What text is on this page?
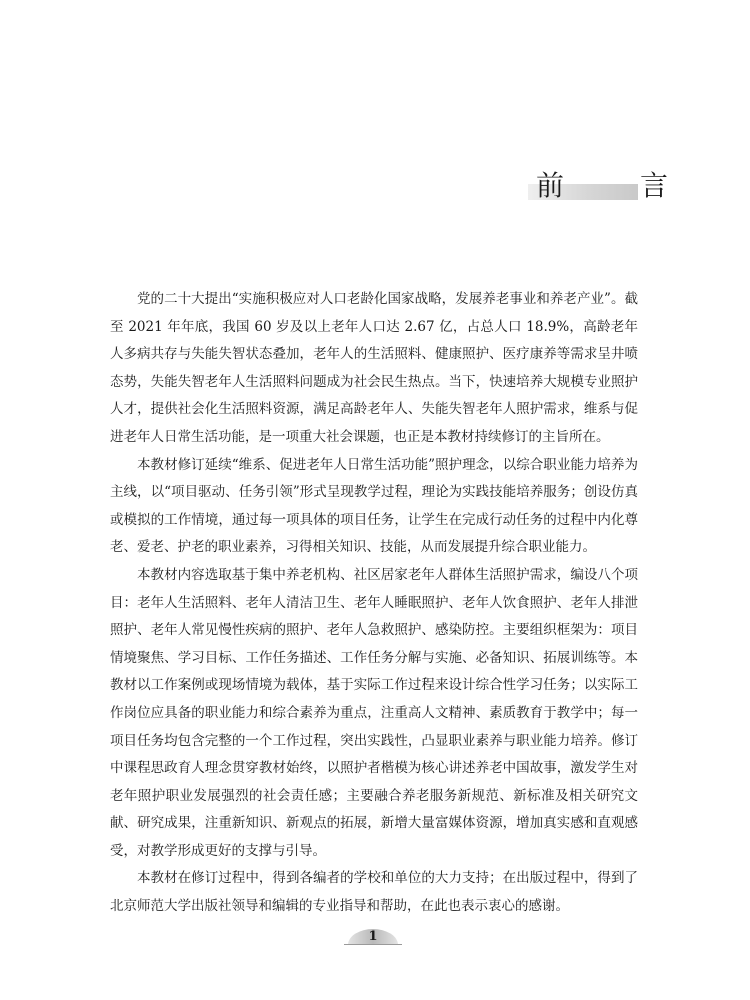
前　言

党的二十大提出“实施积极应对人口老龄化国家战略，发展养老事业和养老产业”。截至 2021 年年底，我国 60 岁及以上老年人口达 2.67 亿，占总人口 18.9%，高龄老年人多病共存与失能失智状态叠加，老年人的生活照料、健康照护、医疗康养等需求呈井喷态势，失能失智老年人生活照料问题成为社会民生热点。当下，快速培养大规模专业照护人才，提供社会化生活照料资源，满足高龄老年人、失能失智老年人照护需求，维系与促进老年人日常生活功能，是一项重大社会课题，也正是本教材持续修订的主旨所在。

本教材修订延续“维系、促进老年人日常生活功能”照护理念，以综合职业能力培养为主线，以“项目驱动、任务引领”形式呈现教学过程，理论为实践技能培养服务；创设仿真或模拟的工作情境，通过每一项具体的项目任务，让学生在完成行动任务的过程中内化尊老、爱老、护老的职业素养，习得相关知识、技能，从而发展提升综合职业能力。

本教材内容选取基于集中养老机构、社区居家老年人群体生活照护需求，编设八个项目：老年人生活照料、老年人清洁卫生、老年人睡眠照护、老年人饮食照护、老年人排泄照护、老年人常见慢性疾病的照护、老年人急救照护、感染防控。主要组织框架为：项目情境聚焦、学习目标、工作任务描述、工作任务分解与实施、必备知识、拓展训练等。本教材以工作案例或现场情境为载体，基于实际工作过程来设计综合性学习任务；以实际工作岗位应具备的职业能力和综合素养为重点，注重高人文精神、素质教育于教学中；每一项目任务均包含完整的一个工作过程，突出实践性，凸显职业素养与职业能力培养。修订中课程思政育人理念贯穿教材始终，以照护者楷模为核心讲述养老中国故事，激发学生对老年照护职业发展强烈的社会责任感；主要融合养老服务新规范、新标准及相关研究文献、研究成果，注重新知识、新观点的拓展，新增大量富媒体资源，增加真实感和直观感受，对教学形成更好的支撑与引导。

本教材在修订过程中，得到各编者的学校和单位的大力支持；在出版过程中，得到了北京师范大学出版社领导和编辑的专业指导和帮助，在此也表示衷心的感谢。

1
